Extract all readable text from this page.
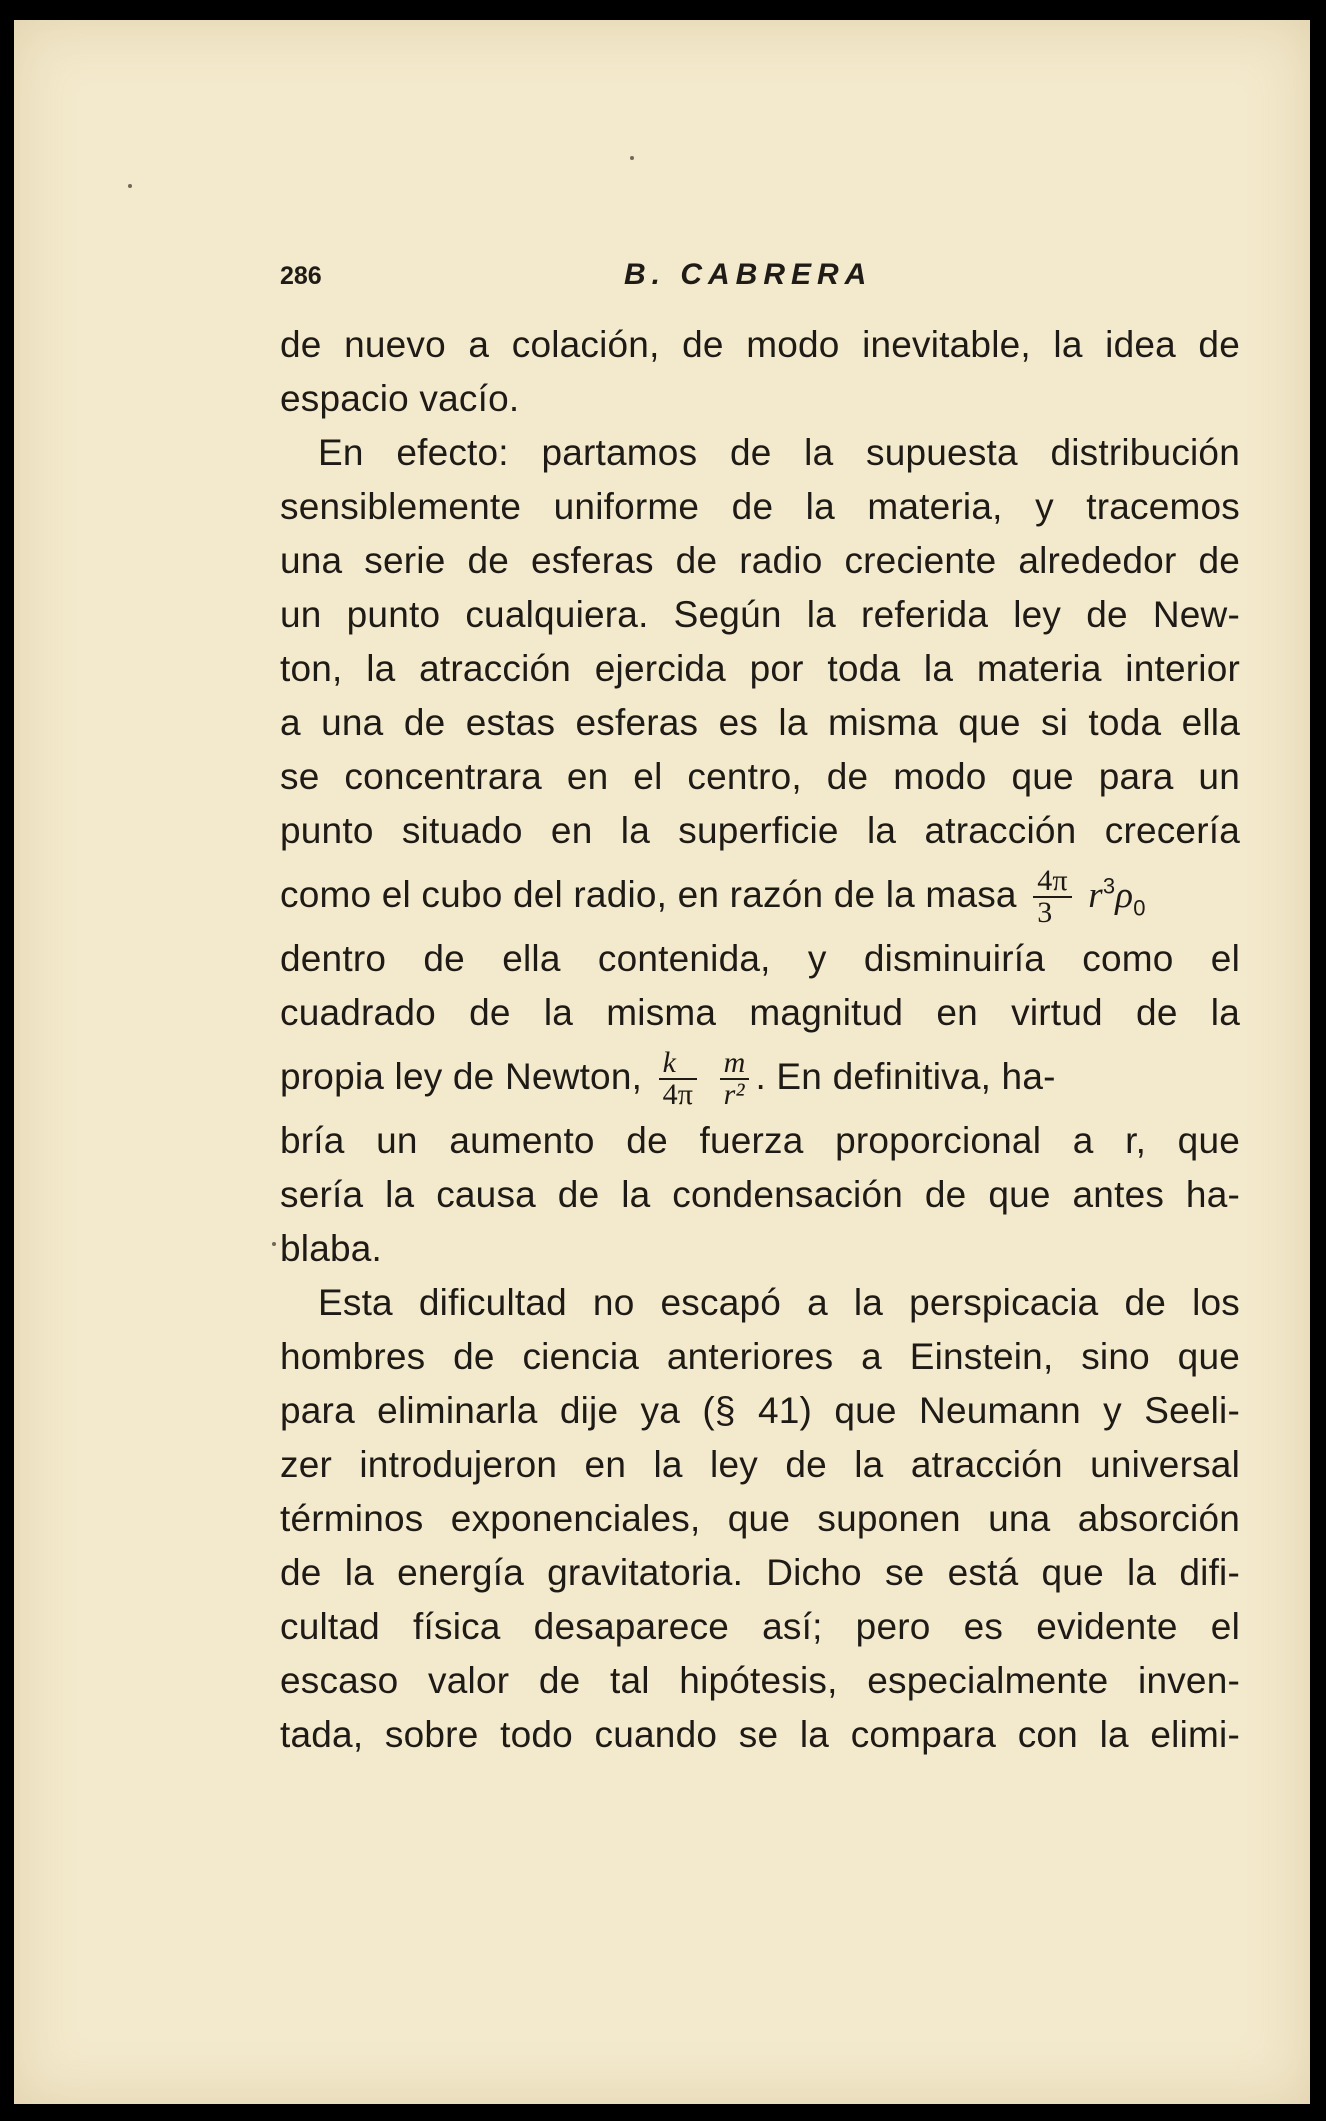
286	B. CABRERA
de nuevo a colación, de modo inevitable, la idea de
espacio vacío.
En efecto: partamos de la supuesta distribución
sensiblemente uniforme de la materia, y tracemos
una serie de esferas de radio creciente alrededor de
un punto cualquiera. Según la referida ley de New-
ton, la atracción ejercida por toda la materia interior
a una de estas esferas es la misma que si toda ella
se concentrara en el centro, de modo que para un
punto situado en la superficie la atracción crecería
como el cubo del radio, en razón de la masa $\frac{4\pi}{3} r^3\rho_0$
dentro de ella contenida, y disminuiría como el
cuadrado de la misma magnitud en virtud de la
propia ley de Newton, $\frac{k}{4\pi}$
$\frac{m}{\text{r²}}$ . En definitiva, ha-
bría un aumento de fuerza proporcional a r, que
sería la causa de la condensación de que antes ha-
blaba.
Esta dificultad no escapó a la perspicacia de los
hombres de ciencia anteriores a Einstein, sino que
para eliminarla dije ya (§ 41) que Neumann y Seeli-
zer introdujeron en la ley de la atracción universal
términos exponenciales, que suponen una absorción
de la energía gravitatoria. Dicho se está que la difi-
cultad física desaparece así; pero es evidente el
escaso valor de tal hipótesis, especialmente inven-
tada, sobre todo cuando se la compara con la elimi-
